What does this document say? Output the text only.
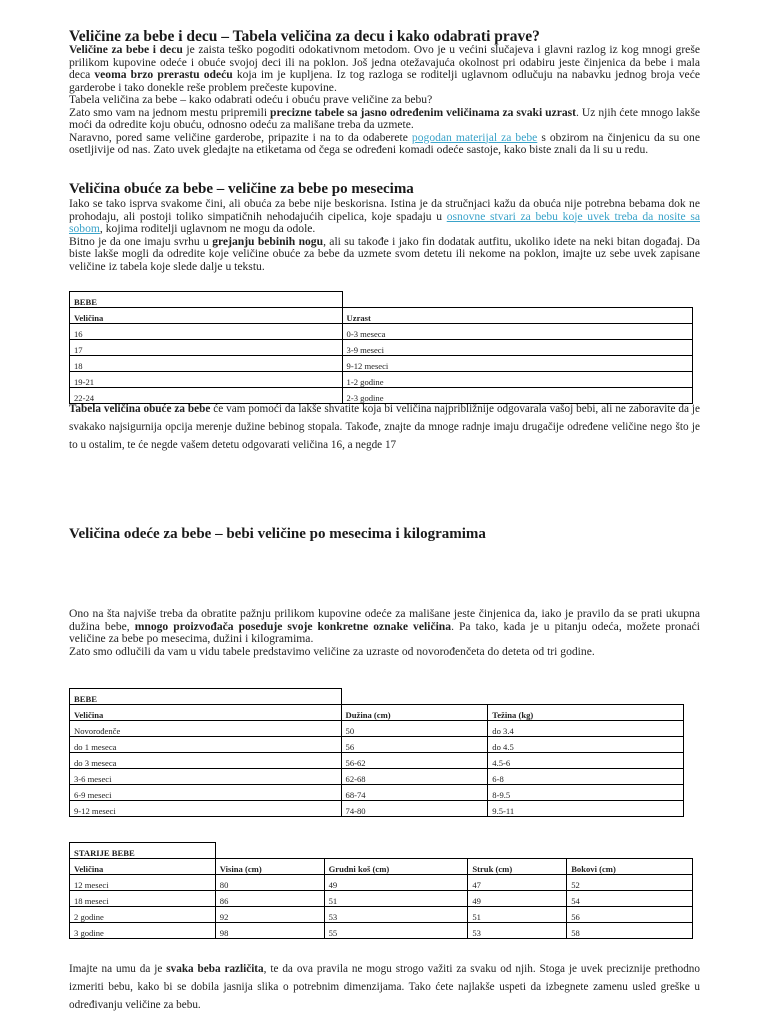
Veličine za bebe i decu – Tabela veličina za decu i kako odabrati prave?

Veličine za bebe i decu je zaista teško pogoditi odokativnom metodom. Ovo je u većini slučajeva i glavni razlog iz kog mnogi greše prilikom kupovine odeće i obuće svojoj deci ili na poklon. Još jedna otežavajuća okolnost pri odabiru jeste činjenica da bebe i mala deca veoma brzo prerastu odeću koja im je kupljena. Iz tog razloga se roditelji uglavnom odlučuju na nabavku jednog broja veće garderobe i tako donekle reše problem prečeste kupovine.

Tabela veličina za bebe – kako odabrati odeću i obuću prave veličine za bebu?

Zato smo vam na jednom mestu pripremili precizne tabele sa jasno određenim veličinama za svaki uzrast. Uz njih ćete mnogo lakše moći da odredite koju obuću, odnosno odeću za mališane treba da uzmete.

Naravno, pored same veličine garderobe, pripazite i na to da odaberete pogodan materijal za bebe s obzirom na činjenicu da su one osetljivije od nas. Zato uvek gledajte na etiketama od čega se određeni komadi odeće sastoje, kako biste znali da li su u redu.

Veličina obuće za bebe – veličine za bebe po mesecima

Iako se tako isprva svakome čini, ali obuća za bebe nije beskorisna. Istina je da stručnjaci kažu da obuća nije potrebna bebama dok ne prohodaju, ali postoji toliko simpatičnih nehodajućih cipelica, koje spadaju u osnovne stvari za bebu koje uvek treba da nosite sa sobom, kojima roditelji uglavnom ne mogu da odole.

Bitno je da one imaju svrhu u grejanju bebinih nogu, ali su takođe i jako fin dodatak autfitu, ukoliko idete na neki bitan događaj. Da biste lakše mogli da odredite koje veličine obuće za bebe da uzmete svom detetu ili nekome na poklon, imajte uz sebe uvek zapisane veličine iz tabela koje slede dalje u tekstu.

BEBE	
Veličina	Uzrast
16	0-3 meseca
17	3-9 meseci
18	9-12 meseci
19-21	1-2 godine
22-24	2-3 godine

Tabela veličina obuće za bebe će vam pomoći da lakše shvatite koja bi veličina najpribližnije odgovarala vašoj bebi, ali ne zaboravite da je svakako najsigurnija opcija merenje dužine bebinog stopala. Takođe, znajte da mnoge radnje imaju drugačije određene veličine nego što je to u ostalim, te će negde vašem detetu odgovarati veličina 16, a negde 17

Veličina odeće za bebe – bebi veličine po mesecima i kilogramima

Ono na šta najviše treba da obratite pažnju prilikom kupovine odeće za mališane jeste činjenica da, iako je pravilo da se prati ukupna dužina bebe, mnogo proizvođača poseduje svoje konkretne oznake veličina. Pa tako, kada je u pitanju odeća, možete pronaći veličine za bebe po mesecima, dužini i kilogramima.

Zato smo odlučili da vam u vidu tabele predstavimo veličine za uzraste od novorođenčeta do deteta od tri godine.

BEBE		
Veličina	Dužina (cm)	Težina (kg)
Novorođenče	50	do 3.4
do 1 meseca	56	do 4.5
do 3 meseca	56-62	4.5-6
3-6 meseci	62-68	6-8
6-9 meseci	68-74	8-9.5
9-12 meseci	74-80	9.5-11
STARIJE BEBE				
Veličina	Visina (cm)	Grudni koš (cm)	Struk (cm)	Bokovi (cm)
12 meseci	80	49	47	52
18 meseci	86	51	49	54
2 godine	92	53	51	56
3 godine	98	55	53	58

Imajte na umu da je svaka beba različita, te da ova pravila ne mogu strogo važiti za svaku od njih. Stoga je uvek preciznije prethodno izmeriti bebu, kako bi se dobila jasnija slika o potrebnim dimenzijama. Tako ćete najlakše uspeti da izbegnete zamenu usled greške u određivanju veličine za bebu.
